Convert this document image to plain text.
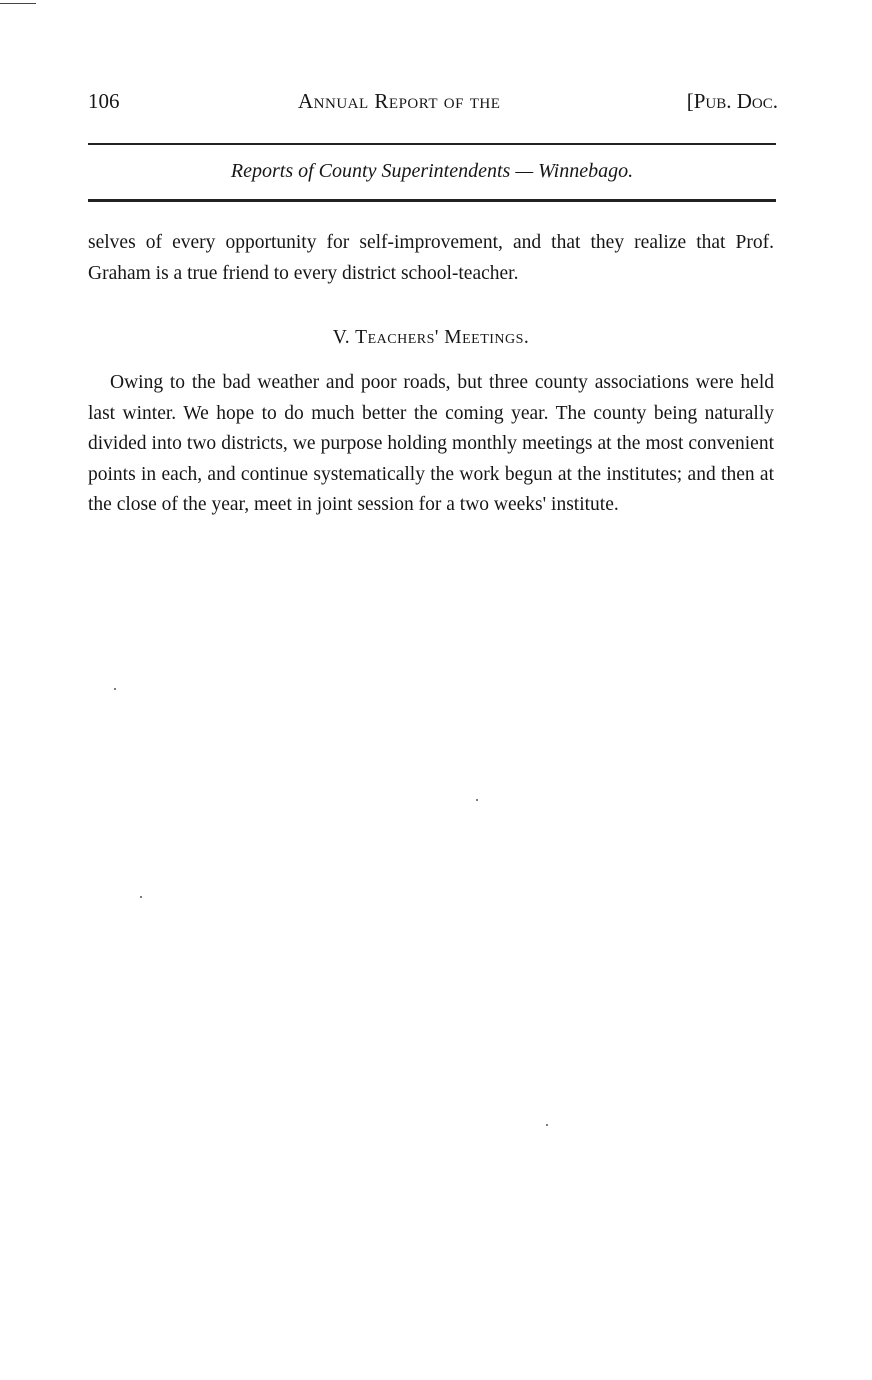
106	Annual Report of the	[Pub. Doc.
Reports of County Superintendents — Winnebago.

selves of every opportunity for self-improvement, and that they realize that Prof. Graham is a true friend to every district school-teacher.

V. Teachers' Meetings.

Owing to the bad weather and poor roads, but three county associations were held last winter. We hope to do much better the coming year. The county being naturally divided into two districts, we purpose holding monthly meetings at the most convenient points in each, and continue systematically the work begun at the institutes; and then at the close of the year, meet in joint session for a two weeks' institute.
